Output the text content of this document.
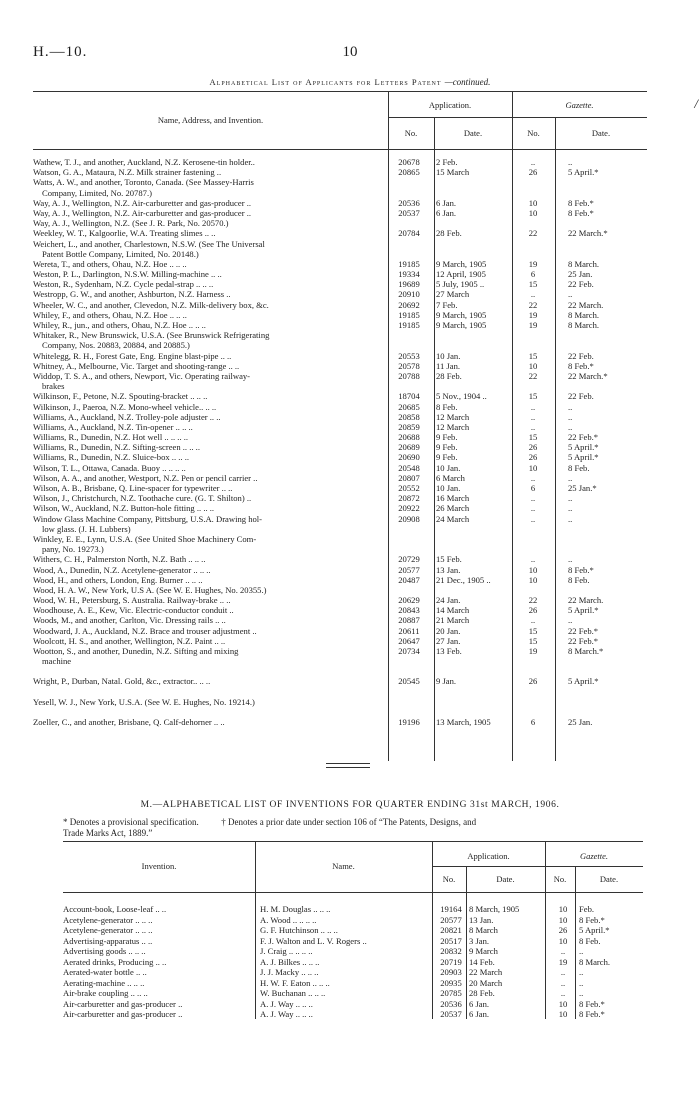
H.—10.	10
/
Alphabetical List of Applicants for Letters Patent —continued.
Name, Address, and Invention.
Application.	Gazette.
No.	Date.	No.	Date.
Wathew, T. J., and another, Auckland, N.Z. Kerosene-tin holder..	20678	2 Feb.	..	..
Watson, G. A., Mataura, N.Z. Milk strainer fastening ..	20865	15 March	26	5 April.*
Watts, A. W., and another, Toronto, Canada. (See Massey-Harris
Company, Limited, No. 20787.)
Way, A. J., Wellington, N.Z. Air-carburetter and gas-producer ..	20536	6 Jan.	10	8 Feb.*
Way, A. J., Wellington, N.Z. Air-carburetter and gas-producer ..	20537	6 Jan.	10	8 Feb.*
Way, A. J., Wellington, N.Z. (See J. R. Park, No. 20570.)
Weekley, W. T., Kalgoorlie, W.A. Treating slimes .. ..	20784	28 Feb.	22	22 March.*
Weichert, L., and another, Charlestown, N.S.W. (See The Universal
Patent Bottle Company, Limited, No. 20148.)
Wereta, T., and others, Ohau, N.Z. Hoe .. .. ..	19185	9 March, 1905	19	8 March.
Weston, P. L., Darlington, N.S.W. Milling-machine .. ..	19334	12 April, 1905	6	25 Jan.
Weston, R., Sydenham, N.Z. Cycle pedal-strap .. .. ..	19689	5 July, 1905 ..	15	22 Feb.
Westropp, G. W., and another, Ashburton, N.Z. Harness ..	20910	27 March	..	..
Wheeler, W. C., and another, Clevedon, N.Z. Milk-delivery box, &c.	20692	7 Feb.	22	22 March.
Whiley, F., and others, Ohau, N.Z. Hoe .. .. ..	19185	9 March, 1905	19	8 March.
Whiley, R., jun., and others, Ohau, N.Z. Hoe .. .. ..	19185	9 March, 1905	19	8 March.
Whitaker, R., New Brunswick, U.S.A. (See Brunswick Refrigerating
Company, Nos. 20883, 20884, and 20885.)
Whitelegg, R. H., Forest Gate, Eng. Engine blast-pipe .. ..	20553	10 Jan.	15	22 Feb.
Whitney, A., Melbourne, Vic. Target and shooting-range .. ..	20578	11 Jan.	10	8 Feb.*
Widdop, T. S. A., and others, Newport, Vic. Operating railway-	20788	28 Feb.	22	22 March.*
brakes
Wilkinson, F., Petone, N.Z. Spouting-bracket .. .. ..	18704	5 Nov., 1904 ..	15	22 Feb.
Wilkinson, J., Paeroa, N.Z. Mono-wheel vehicle.. .. ..	20685	8 Feb.	..	..
Williams, A., Auckland, N.Z. Trolley-pole adjuster .. ..	20858	12 March	..	..
Williams, A., Auckland, N.Z. Tin-opener .. .. ..	20859	12 March	..	..
Williams, R., Dunedin, N.Z. Hot well .. .. .. ..	20688	9 Feb.	15	22 Feb.*
Williams, R., Dunedin, N.Z. Sifting-screen .. .. ..	20689	9 Feb.	26	5 April.*
Williams, R., Dunedin, N.Z. Sluice-box .. .. ..	20690	9 Feb.	26	5 April.*
Wilson, T. L., Ottawa, Canada. Buoy .. .. .. ..	20548	10 Jan.	10	8 Feb.
Wilson, A. A., and another, Westport, N.Z. Pen or pencil carrier ..	20807	6 March	..	..
Wilson, A. B., Brisbane, Q. Line-spacer for typewriter .. ..	20552	10 Jan.	6	25 Jan.*
Wilson, J., Christchurch, N.Z. Toothache cure. (G. T. Shilton) ..	20872	16 March	..	..
Wilson, W., Auckland, N.Z. Button-hole fitting .. .. ..	20922	26 March	..	..
Window Glass Machine Company, Pittsburg, U.S.A. Drawing hol-	20908	24 March	..	..
low glass. (J. H. Lubbers)
Winkley, E. E., Lynn, U.S.A. (See United Shoe Machinery Com-
pany, No. 19273.)
Withers, C. H., Palmerston North, N.Z. Bath .. .. ..	20729	15 Feb.	..	..
Wood, A., Dunedin, N.Z. Acetylene-generator .. .. ..	20577	13 Jan.	10	8 Feb.*
Wood, H., and others, London, Eng. Burner .. .. ..	20487	21 Dec., 1905 ..	10	8 Feb.
Wood, H. A. W., New York, U.S A. (See W. E. Hughes, No. 20355.)
Wood, W. H., Petersburg, S. Australia. Railway-brake .. ..	20629	24 Jan.	22	22 March.
Woodhouse, A. E., Kew, Vic. Electric-conductor conduit ..	20843	14 March	26	5 April.*
Woods, M., and another, Carlton, Vic. Dressing rails .. ..	20887	21 March	..	..
Woodward, J. A., Auckland, N.Z. Brace and trouser adjustment ..	20611	20 Jan.	15	22 Feb.*
Woolcott, H. S., and another, Wellington, N.Z. Paint .. ..	20647	27 Jan.	15	22 Feb.*
Wootton, S., and another, Dunedin, N.Z. Sifting and mixing	20734	13 Feb.	19	8 March.*
machine
Wright, P., Durban, Natal. Gold, &c., extractor.. .. ..	20545	9 Jan.	26	5 April.*
Yesell, W. J., New York, U.S.A. (See W. E. Hughes, No. 19214.)
Zoeller, C., and another, Brisbane, Q. Calf-dehorner .. ..	19196	13 March, 1905	6	25 Jan.
M.—ALPHABETICAL LIST OF INVENTIONS FOR QUARTER ENDING 31st MARCH, 1906.
* Denotes a provisional specification.	† Denotes a prior date under section 106 of “The Patents, Designs, and
Trade Marks Act, 1889.”
Invention.	Name.
Application.	Gazette.
No.	Date.	No.	Date.
Account-book, Loose-leaf .. ..	H. M. Douglas .. .. ..	19164 8 March, 1905	10	Feb.
Acetylene-generator .. .. ..	A. Wood .. .. .. ..	20577 13 Jan.	10	8 Feb.*
Acetylene-generator .. .. ..	G. F. Hutchinson .. .. ..	20821 8 March	26	5 April.*
Advertising-apparatus .. ..	F. J. Walton and L. V. Rogers ..	20517 3 Jan.	10	8 Feb.
Advertising goods .. .. ..	J. Craig .. .. .. ..	20832 9 March	..	..
Aerated drinks, Producing .. ..	A. J. Bilkes .. .. ..	20719 14 Feb.	19	8 March.
Aerated-water bottle .. ..	J. J. Macky .. .. ..	20903 22 March	..	..
Aerating-machine .. .. ..	H. W. F. Eaton .. .. ..	20935 20 March	..	..
Air-brake coupling .. .. ..	W. Buchanan .. .. ..	20785 28 Feb.	..	..
Air-carburetter and gas-producer ..	A. J. Way .. .. ..	20536 6 Jan.	10	8 Feb.*
Air-carburetter and gas-producer ..	A. J. Way .. .. ..	20537 6 Jan.	10	8 Feb.*
